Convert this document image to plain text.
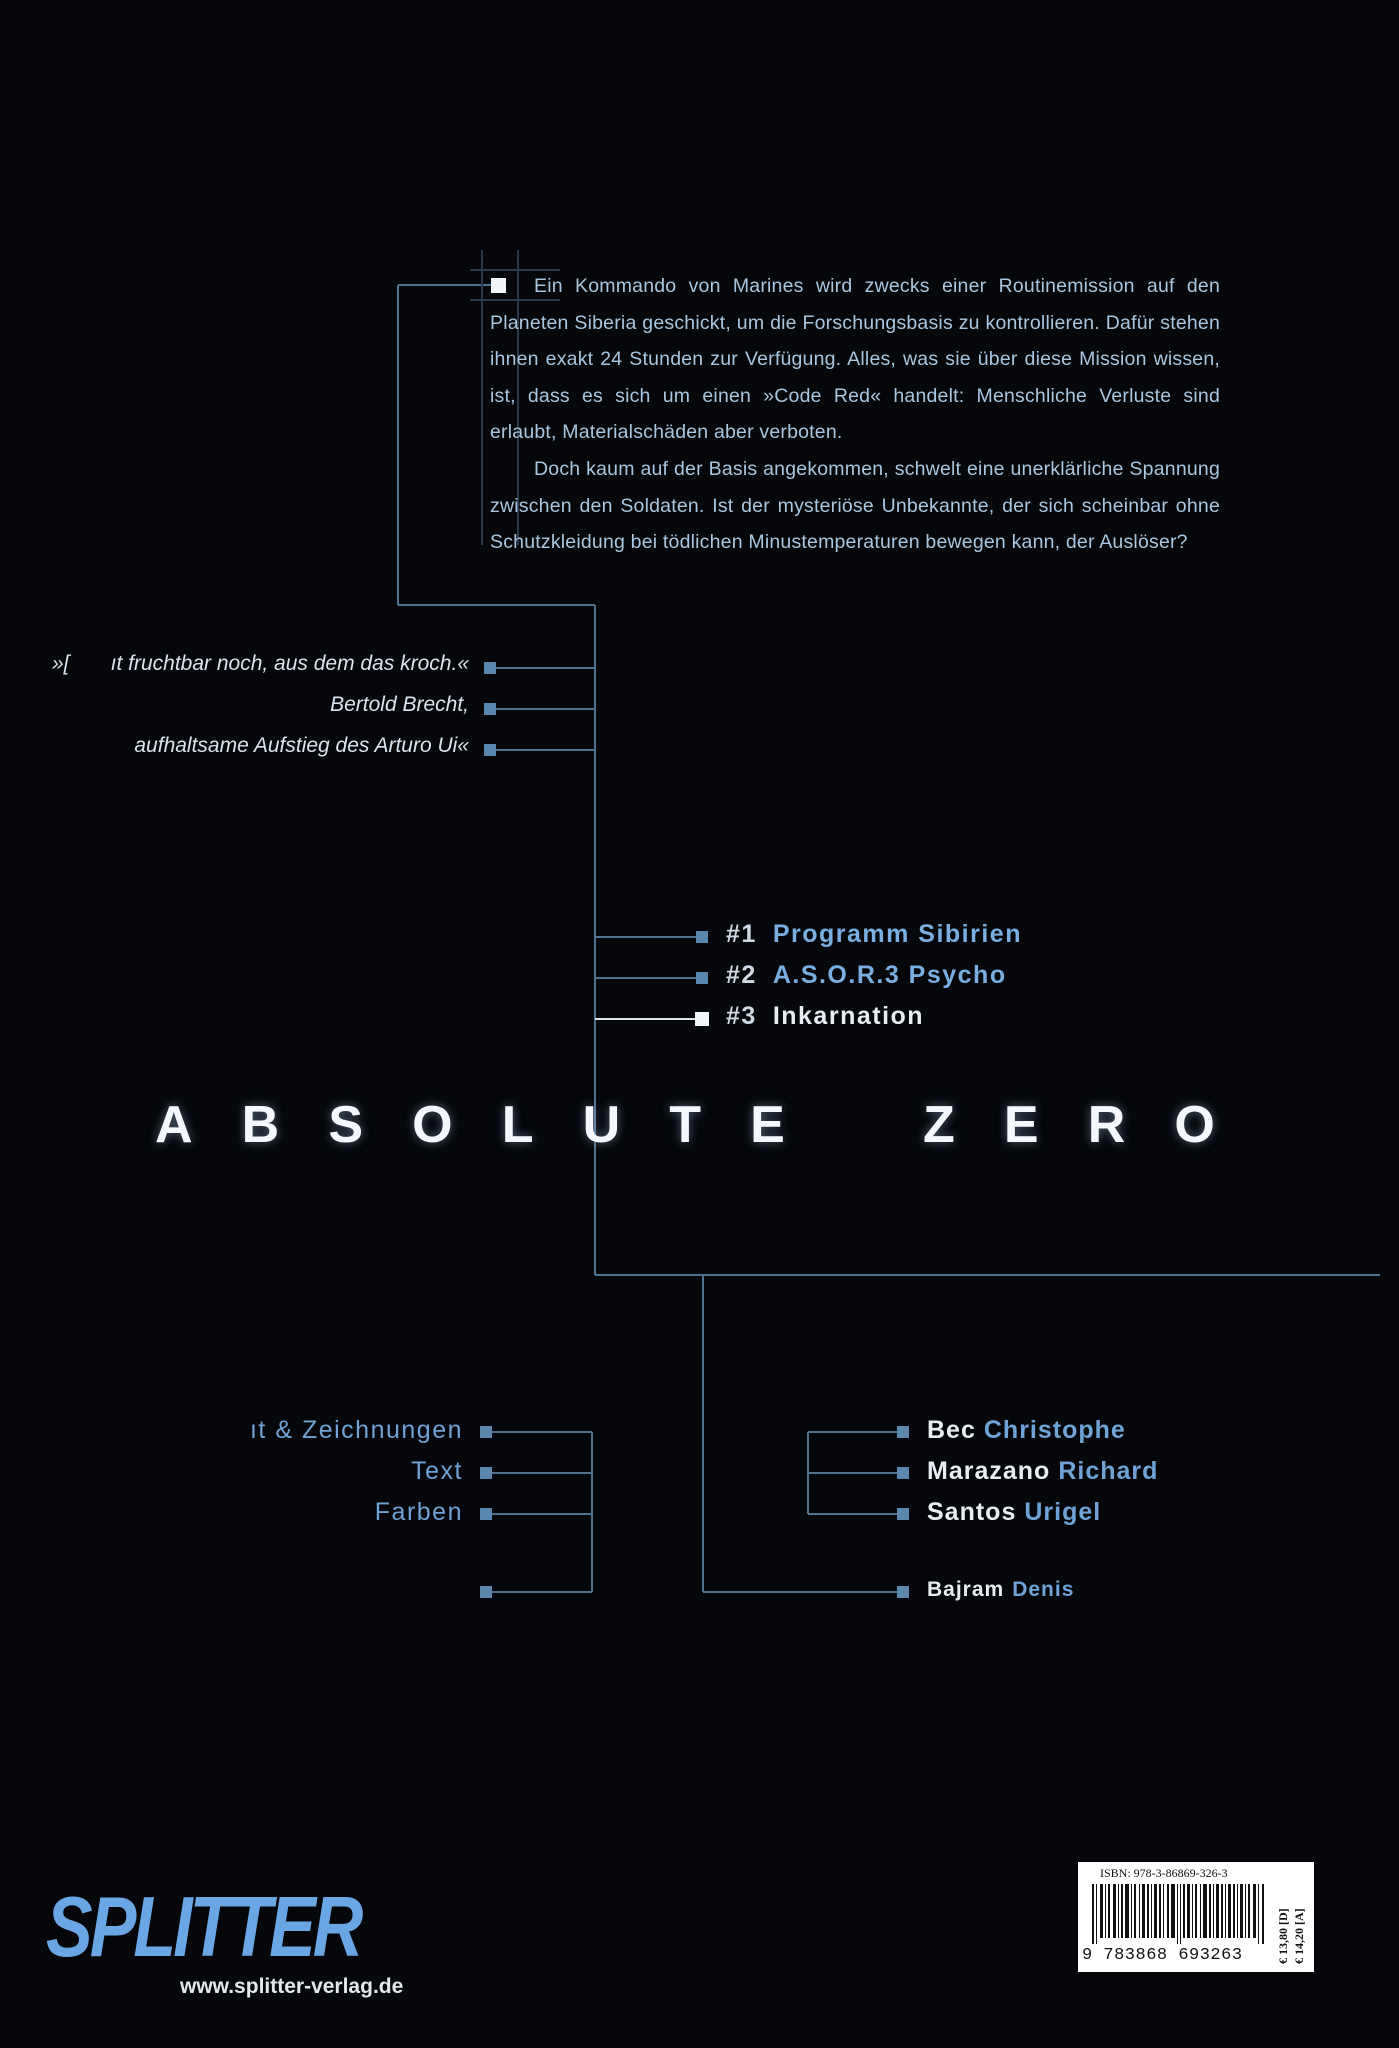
Ein Kommando von Marines wird zwecks einer Routinemission auf den Planeten Siberia geschickt, um die Forschungsbasis zu kontrollieren. Dafür stehen ihnen exakt 24 Stunden zur Verfügung. Alles, was sie über diese Mission wissen, ist, dass es sich um einen »Code Red« handelt: Menschliche Verluste sind erlaubt, Materialschäden aber verboten.

Doch kaum auf der Basis angekommen, schwelt eine unerklärliche Spannung zwischen den Soldaten. Ist der mysteriöse Unbekannte, der sich scheinbar ohne Schutzkleidung bei tödlichen Minustemperaturen bewegen kann, der Auslöser?

»[ ıt fruchtbar noch, aus dem das kroch.«
Bertold Brecht,
aufhaltsame Aufstieg des Arturo Ui«
#1 Programm Sibirien
#2 A.S.O.R.3 Psycho
#3 Inkarnation
A B S O L U T E	Z E R O
ıt & Zeichnungen
Text
Farben
Bec Christophe
Marazano Richard
Santos Urigel
Bajram Denis
SPLITTER
www.splitter-verlag.de
ISBN: 978-3-86869-326-3
9 783868 693263	€ 13,80 [D] € 14,20 [A]
